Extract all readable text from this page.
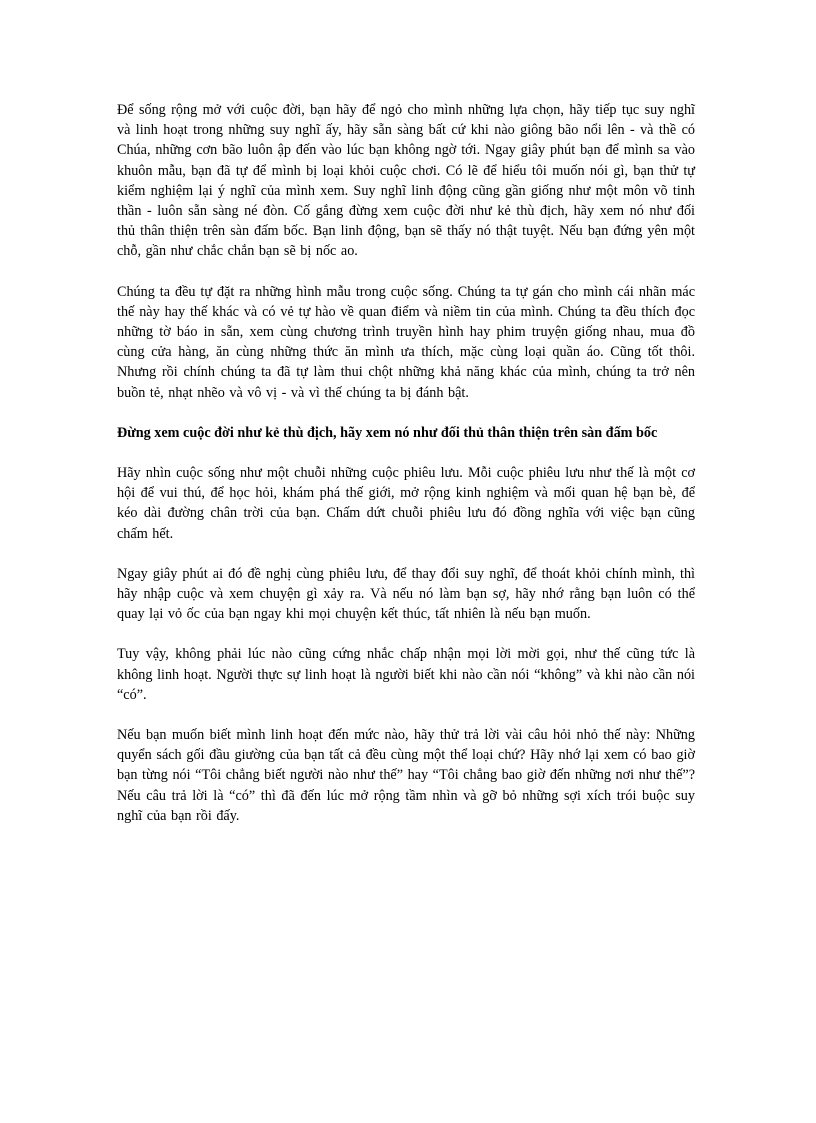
Để sống rộng mở với cuộc đời, bạn hãy để ngỏ cho mình những lựa chọn, hãy tiếp tục suy nghĩ và linh hoạt trong những suy nghĩ ấy, hãy sẵn sàng bất cứ khi nào giông bão nổi lên - và thề có Chúa, những cơn bão luôn ập đến vào lúc bạn không ngờ tới. Ngay giây phút bạn để mình sa vào khuôn mẫu, bạn đã tự để mình bị loại khỏi cuộc chơi. Có lẽ để hiểu tôi muốn nói gì, bạn thử tự kiểm nghiệm lại ý nghĩ của mình xem. Suy nghĩ linh động cũng gần giống như một môn võ tinh thần - luôn sẵn sàng né đòn. Cố gắng đừng xem cuộc đời như kẻ thù địch, hãy xem nó như đối thủ thân thiện trên sàn đấm bốc. Bạn linh động, bạn sẽ thấy nó thật tuyệt. Nếu bạn đứng yên một chỗ, gần như chắc chắn bạn sẽ bị nốc ao.

Chúng ta đều tự đặt ra những hình mẫu trong cuộc sống. Chúng ta tự gán cho mình cái nhãn mác thế này hay thế khác và có vẻ tự hào về quan điểm và niềm tin của mình. Chúng ta đều thích đọc những tờ báo in sẵn, xem cùng chương trình truyền hình hay phim truyện giống nhau, mua đồ cùng cửa hàng, ăn cùng những thức ăn mình ưa thích, mặc cùng loại quần áo. Cũng tốt thôi. Nhưng rồi chính chúng ta đã tự làm thui chột những khả năng khác của mình, chúng ta trở nên buồn tẻ, nhạt nhẽo và vô vị - và vì thế chúng ta bị đánh bật.

Đừng xem cuộc đời như kẻ thù địch, hãy xem nó như đối thủ thân thiện trên sàn đấm bốc

Hãy nhìn cuộc sống như một chuỗi những cuộc phiêu lưu. Mỗi cuộc phiêu lưu như thế là một cơ hội để vui thú, để học hỏi, khám phá thế giới, mở rộng kinh nghiệm và mối quan hệ bạn bè, để kéo dài đường chân trời của bạn. Chấm dứt chuỗi phiêu lưu đó đồng nghĩa với việc bạn cũng chấm hết.

Ngay giây phút ai đó đề nghị cùng phiêu lưu, để thay đổi suy nghĩ, để thoát khỏi chính mình, thì hãy nhập cuộc và xem chuyện gì xảy ra. Và nếu nó làm bạn sợ, hãy nhớ rằng bạn luôn có thể quay lại vỏ ốc của bạn ngay khi mọi chuyện kết thúc, tất nhiên là nếu bạn muốn.

Tuy vậy, không phải lúc nào cũng cứng nhắc chấp nhận mọi lời mời gọi, như thế cũng tức là không linh hoạt. Người thực sự linh hoạt là người biết khi nào cần nói “không” và khi nào cần nói “có”.

Nếu bạn muốn biết mình linh hoạt đến mức nào, hãy thử trả lời vài câu hỏi nhỏ thế này: Những quyển sách gối đầu giường của bạn tất cả đều cùng một thể loại chứ? Hãy nhớ lại xem có bao giờ bạn từng nói “Tôi chẳng biết người nào như thế” hay “Tôi chẳng bao giờ đến những nơi như thế”? Nếu câu trả lời là “có” thì đã đến lúc mở rộng tầm nhìn và gỡ bỏ những sợi xích trói buộc suy nghĩ của bạn rồi đấy.
